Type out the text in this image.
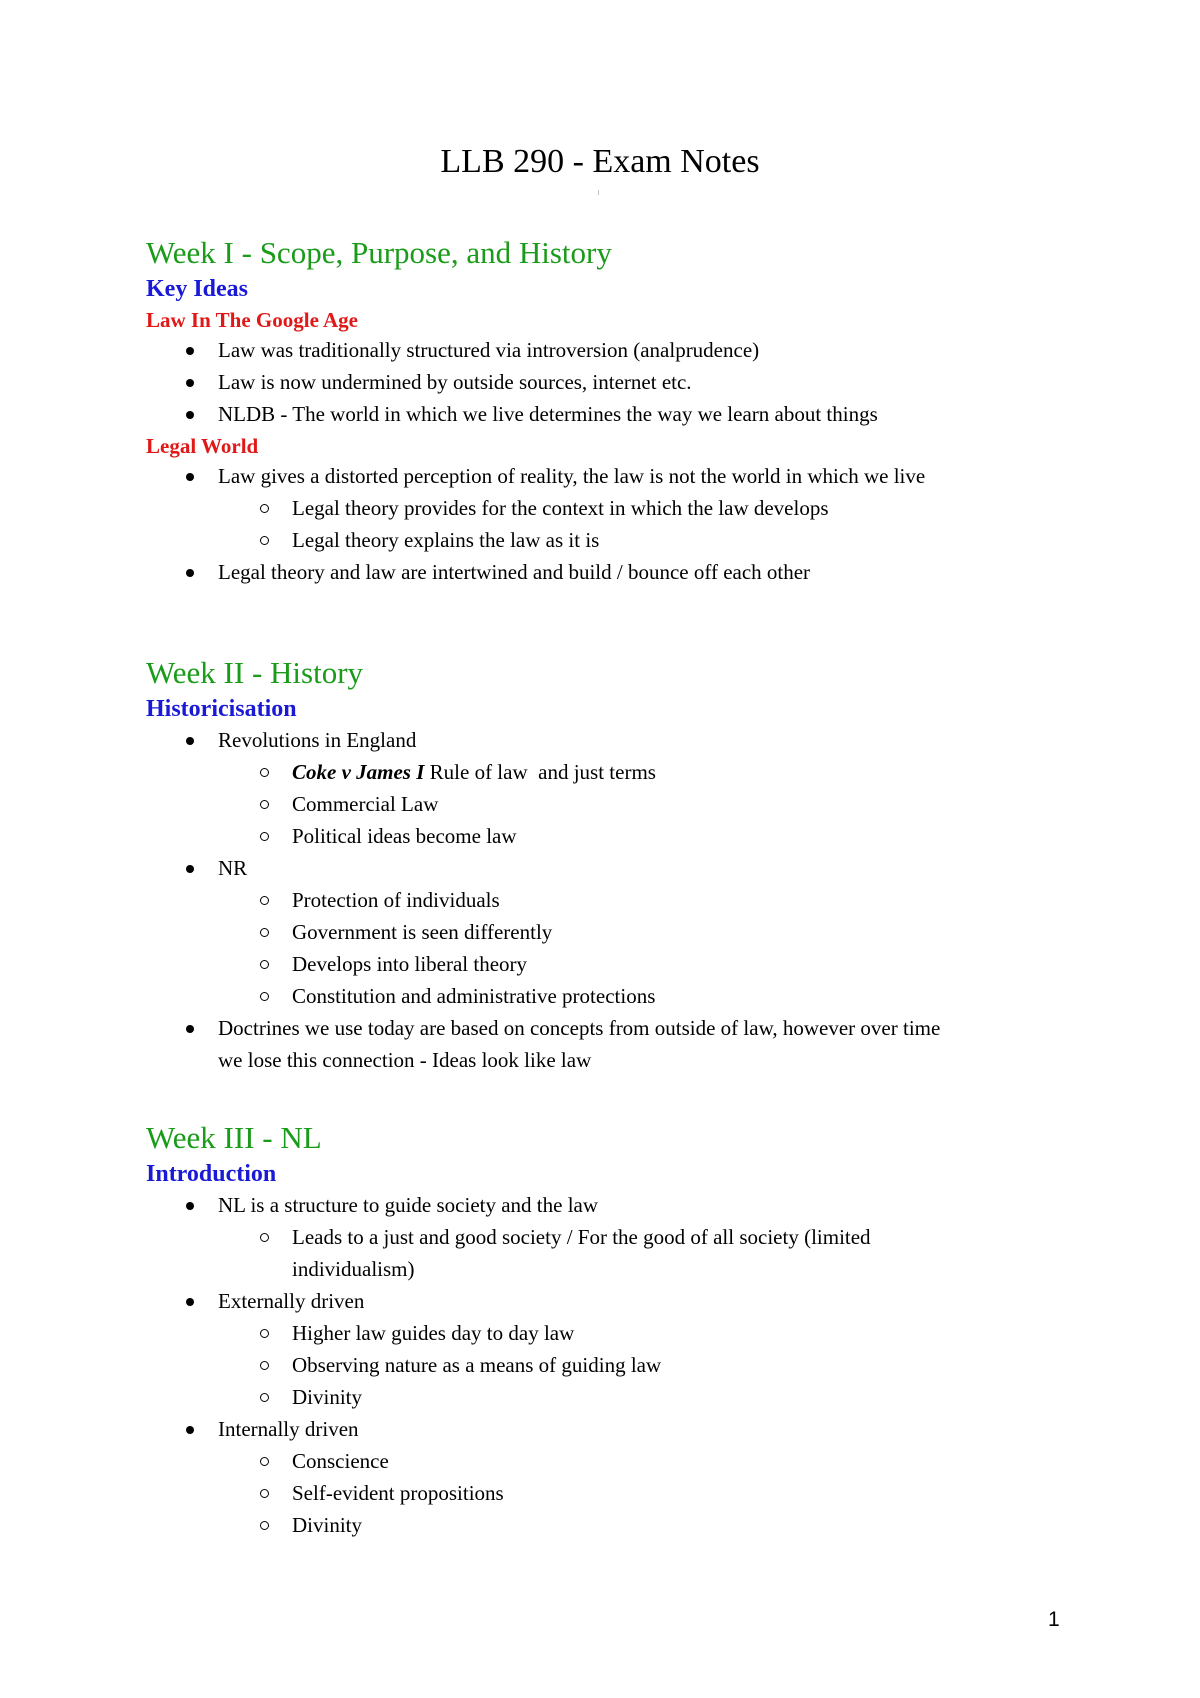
LLB 290 - Exam Notes
Week I - Scope, Purpose, and History
Key Ideas
Law In The Google Age
Law was traditionally structured via introversion (analprudence)
Law is now undermined by outside sources, internet etc.
NLDB - The world in which we live determines the way we learn about things
Legal World
Law gives a distorted perception of reality, the law is not the world in which we live
Legal theory provides for the context in which the law develops
Legal theory explains the law as it is
Legal theory and law are intertwined and build / bounce off each other
Week II - History
Historicisation
Revolutions in England
Coke v James I Rule of law  and just terms
Commercial Law
Political ideas become law
NR
Protection of individuals
Government is seen differently
Develops into liberal theory
Constitution and administrative protections
Doctrines we use today are based on concepts from outside of law, however over time
we lose this connection - Ideas look like law
Week III - NL
Introduction
NL is a structure to guide society and the law
Leads to a just and good society / For the good of all society (limited
individualism)
Externally driven
Higher law guides day to day law
Observing nature as a means of guiding law
Divinity
Internally driven
Conscience
Self-evident propositions
Divinity
1
